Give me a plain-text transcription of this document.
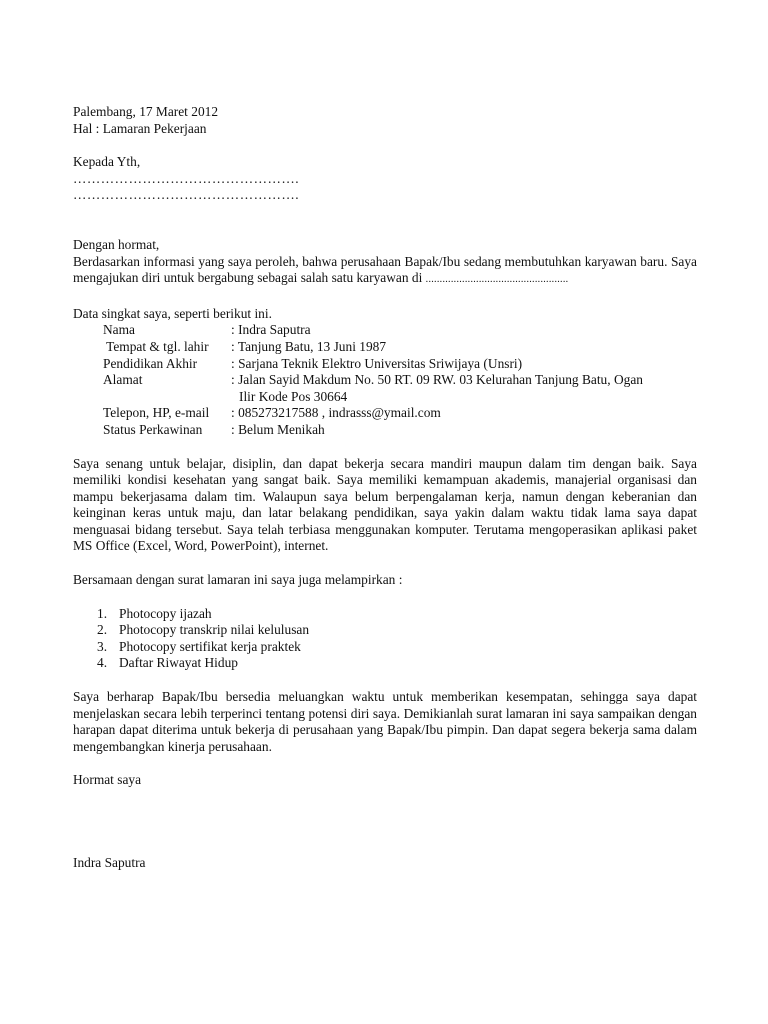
Palembang, 17 Maret 2012
Hal : Lamaran Pekerjaan
Kepada Yth,
………………………………………….
………………………………………….
Dengan hormat,
Berdasarkan informasi yang saya peroleh, bahwa perusahaan Bapak/Ibu sedang membutuhkan karyawan baru. Saya mengajukan diri untuk bergabung sebagai salah satu karyawan di ...................................................
Data singkat saya, seperti berikut ini.
Nama	: Indra Saputra
Tempat & tgl. lahir	: Tanjung Batu, 13 Juni 1987
Pendidikan Akhir	: Sarjana Teknik Elektro Universitas Sriwijaya (Unsri)
Alamat	: Jalan Sayid Makdum No. 50 RT. 09 RW. 03 Kelurahan Tanjung Batu, Ogan
Ilir Kode Pos 30664

Telepon, HP, e-mail	: 085273217588 , indrasss@ymail.com
Status Perkawinan	: Belum Menikah
Saya senang untuk belajar, disiplin, dan dapat bekerja secara mandiri maupun dalam tim dengan baik. Saya memiliki kondisi kesehatan yang sangat baik. Saya memiliki kemampuan akademis, manajerial organisasi dan mampu bekerjasama dalam tim. Walaupun saya belum berpengalaman kerja, namun dengan keberanian dan keinginan keras untuk maju, dan latar belakang pendidikan, saya yakin dalam waktu tidak lama saya dapat menguasai bidang tersebut. Saya telah terbiasa menggunakan komputer. Terutama mengoperasikan aplikasi paket MS Office (Excel, Word, PowerPoint), internet.
Bersamaan dengan surat lamaran ini saya juga melampirkan :
1. Photocopy ijazah
2. Photocopy transkrip nilai kelulusan
3. Photocopy sertifikat kerja praktek
4. Daftar Riwayat Hidup
Saya berharap Bapak/Ibu bersedia meluangkan waktu untuk memberikan kesempatan, sehingga saya dapat menjelaskan secara lebih terperinci tentang potensi diri saya. Demikianlah surat lamaran ini saya sampaikan dengan harapan dapat diterima untuk bekerja di perusahaan yang Bapak/Ibu pimpin. Dan dapat segera bekerja sama dalam mengembangkan kinerja perusahaan.
Hormat saya
Indra Saputra
